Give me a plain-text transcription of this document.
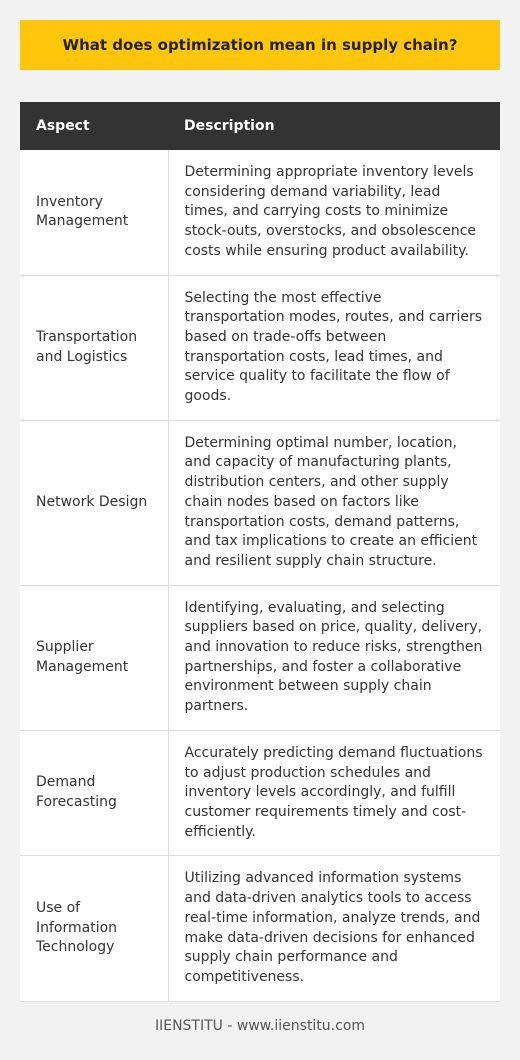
What does optimization mean in supply chain?
Aspect	Description
Inventory Management	Determining appropriate inventory levels considering demand variability, lead times, and carrying costs to minimize stock-outs, overstocks, and obsolescence costs while ensuring product availability.
Transportation and Logistics	Selecting the most effective transportation modes, routes, and carriers based on trade-offs between transportation costs, lead times, and service quality to facilitate the flow of goods.
Network Design	Determining optimal number, location, and capacity of manufacturing plants, distribution centers, and other supply chain nodes based on factors like transportation costs, demand patterns, and tax implications to create an efficient and resilient supply chain structure.
Supplier Management	Identifying, evaluating, and selecting suppliers based on price, quality, delivery, and innovation to reduce risks, strengthen partnerships, and foster a collaborative environment between supply chain partners.
Demand Forecasting	Accurately predicting demand fluctuations to adjust production schedules and inventory levels accordingly, and fulfill customer requirements timely and cost-efficiently.
Use of Information Technology	Utilizing advanced information systems and data-driven analytics tools to access real-time information, analyze trends, and make data-driven decisions for enhanced supply chain performance and competitiveness.
IIENSTITU - www.iienstitu.com
